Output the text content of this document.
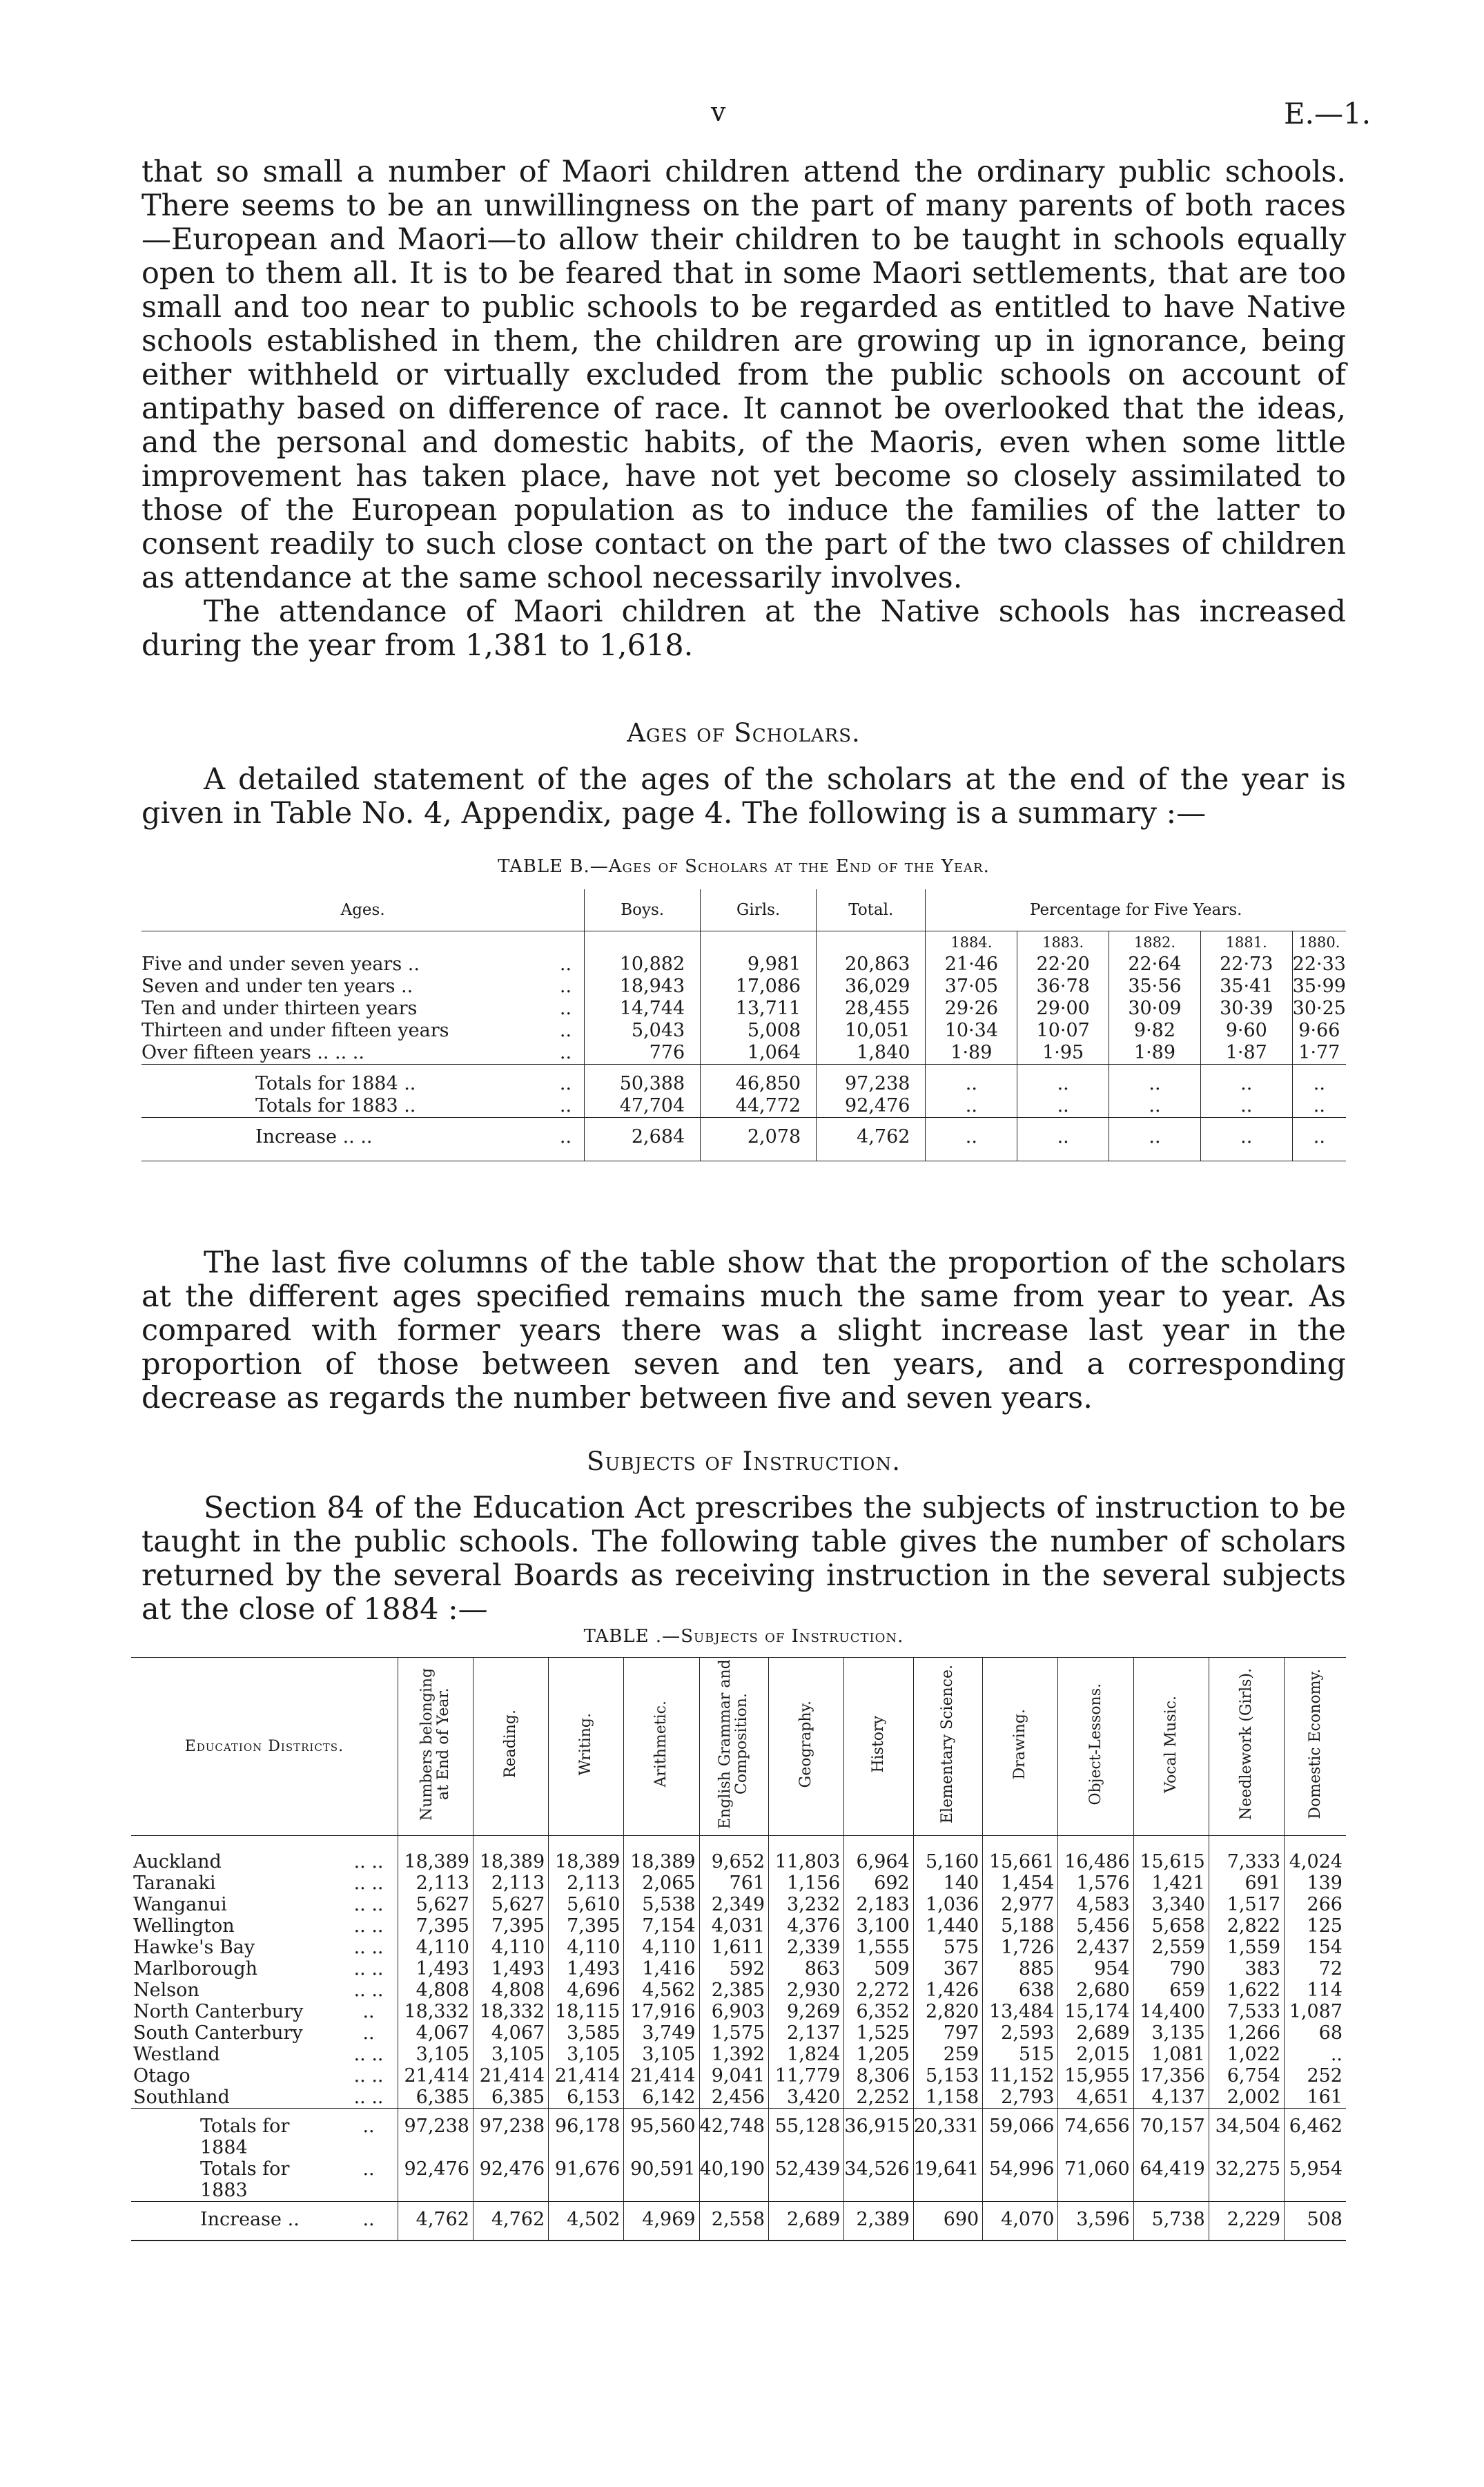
v	E.—1.

that so small a number of Maori children attend the ordinary public schools. There seems to be an unwillingness on the part of many parents of both races—European and Maori—to allow their children to be taught in schools equally open to them all. It is to be feared that in some Maori settlements, that are too small and too near to public schools to be regarded as entitled to have Native schools established in them, the children are growing up in ignorance, being either withheld or virtually excluded from the public schools on account of antipathy based on difference of race. It cannot be overlooked that the ideas, and the personal and domestic habits, of the Maoris, even when some little improvement has taken place, have not yet become so closely assimilated to those of the European population as to induce the families of the latter to consent readily to such close contact on the part of the two classes of children as attendance at the same school necessarily involves.

The attendance of Maori children at the Native schools has increased during the year from 1,381 to 1,618.

Ages of Scholars.
A detailed statement of the ages of the scholars at the end of the year is given in Table No. 4, Appendix, page 4. The following is a summary :—
TABLE B.—Ages of Scholars at the End of the Year.
Ages.		Boys.	Girls.	Total.	Percentage for Five Years.				
					1884.	1883.	1882.	1881.	1880.
Five and under seven years ..	..	10,882	9,981	20,863	21·46	22·20	22·64	22·73	22·33
Seven and under ten years ..	..	18,943	17,086	36,029	37·05	36·78	35·56	35·41	35·99
Ten and under thirteen years	..	14,744	13,711	28,455	29·26	29·00	30·09	30·39	30·25
Thirteen and under fifteen years	..	5,043	5,008	10,051	10·34	10·07	9·82	9·60	9·66
Over fifteen years .. .. ..	..	776	1,064	1,840	1·89	1·95	1·89	1·87	1·77
Totals for 1884 ..	..	50,388	46,850	97,238	..	..	..	..	..
Totals for 1883 ..	..	47,704	44,772	92,476	..	..	..	..	..
Increase .. ..	..	2,684	2,078	4,762	..	..	..	..	..
The last five columns of the table show that the proportion of the scholars at the different ages specified remains much the same from year to year. As compared with former years there was a slight increase last year in the proportion of those between seven and ten years, and a corresponding decrease as regards the number between five and seven years.
Subjects of Instruction.
Section 84 of the Education Act prescribes the subjects of instruction to be taught in the public schools. The following table gives the number of scholars returned by the several Boards as receiving instruction in the several subjects at the close of 1884 :—
TABLE .—Subjects of Instruction.
Education Districts.		Numbers belonging at End of Year.	Reading.	Writing.	Arithmetic.	English Grammar and Composition.	Geography.	History	Elementary Science.	Drawing.	Object-Lessons.	Vocal Music.	Needlework (Girls).	Domestic Economy.
Auckland	.. ..	18,389	18,389	18,389	18,389	9,652	11,803	6,964	5,160	15,661	16,486	15,615	7,333	4,024
Taranaki	.. ..	2,113	2,113	2,113	2,065	761	1,156	692	140	1,454	1,576	1,421	691	139
Wanganui	.. ..	5,627	5,627	5,610	5,538	2,349	3,232	2,183	1,036	2,977	4,583	3,340	1,517	266
Wellington	.. ..	7,395	7,395	7,395	7,154	4,031	4,376	3,100	1,440	5,188	5,456	5,658	2,822	125
Hawke's Bay	.. ..	4,110	4,110	4,110	4,110	1,611	2,339	1,555	575	1,726	2,437	2,559	1,559	154
Marlborough	.. ..	1,493	1,493	1,493	1,416	592	863	509	367	885	954	790	383	72
Nelson	.. ..	4,808	4,808	4,696	4,562	2,385	2,930	2,272	1,426	638	2,680	659	1,622	114
North Canterbury	..	18,332	18,332	18,115	17,916	6,903	9,269	6,352	2,820	13,484	15,174	14,400	7,533	1,087
South Canterbury	..	4,067	4,067	3,585	3,749	1,575	2,137	1,525	797	2,593	2,689	3,135	1,266	68
Westland	.. ..	3,105	3,105	3,105	3,105	1,392	1,824	1,205	259	515	2,015	1,081	1,022	..
Otago	.. ..	21,414	21,414	21,414	21,414	9,041	11,779	8,306	5,153	11,152	15,955	17,356	6,754	252
Southland	.. ..	6,385	6,385	6,153	6,142	2,456	3,420	2,252	1,158	2,793	4,651	4,137	2,002	161
Totals for 1884	..	97,238	97,238	96,178	95,560	42,748	55,128	36,915	20,331	59,066	74,656	70,157	34,504	6,462
Totals for 1883	..	92,476	92,476	91,676	90,591	40,190	52,439	34,526	19,641	54,996	71,060	64,419	32,275	5,954
Increase ..	..	4,762	4,762	4,502	4,969	2,558	2,689	2,389	690	4,070	3,596	5,738	2,229	508
